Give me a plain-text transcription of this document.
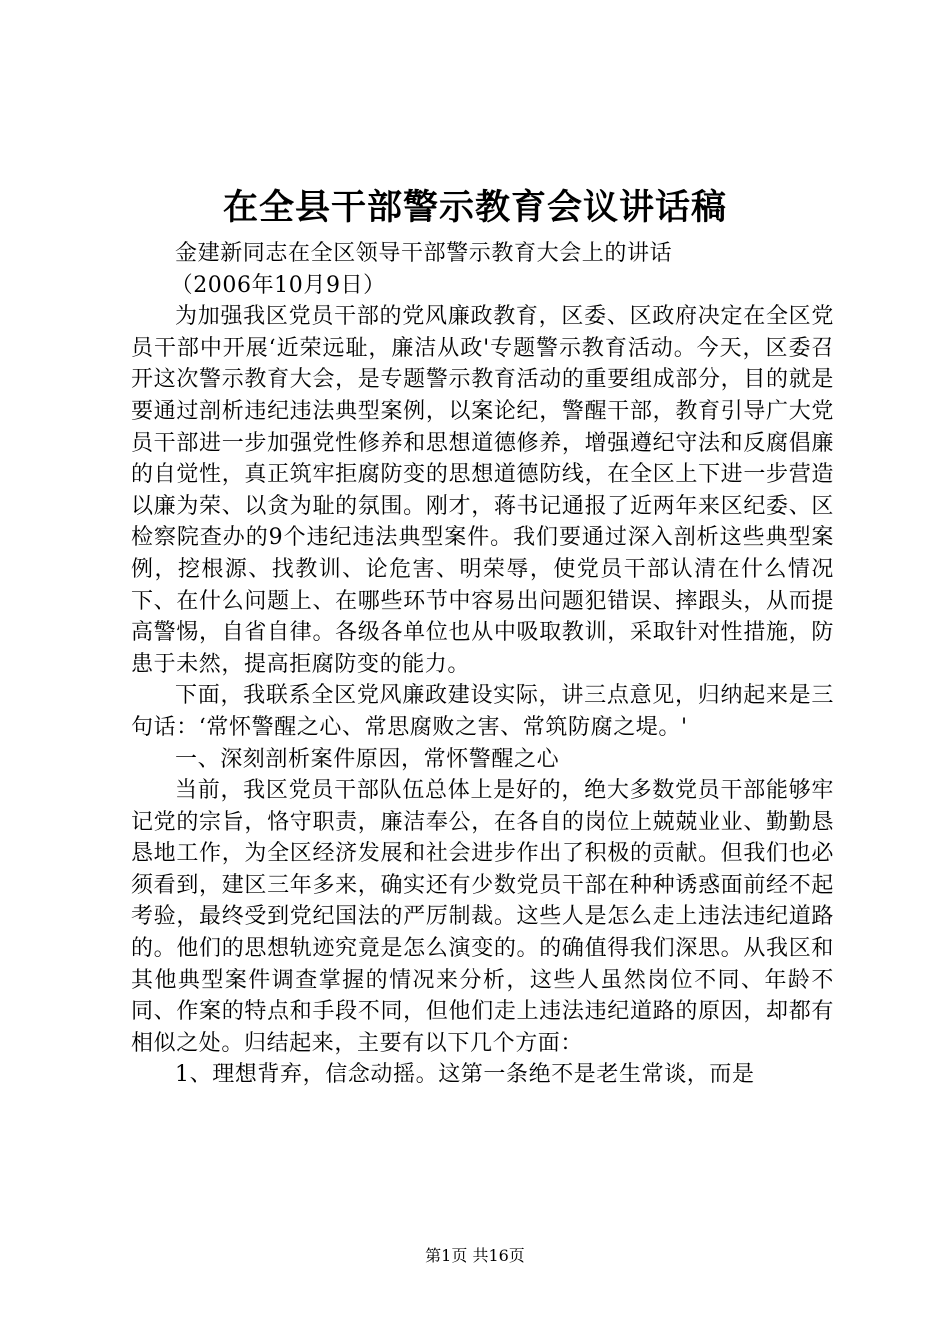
在全县干部警示教育会议讲话稿

金建新同志在全区领导干部警示教育大会上的讲话

（2006年10月9日）

为加强我区党员干部的党风廉政教育，区委、区政府决定在全区党员干部中开展‘近荣远耻，廉洁从政'专题警示教育活动。今天，区委召开这次警示教育大会，是专题警示教育活动的重要组成部分，目的就是要通过剖析违纪违法典型案例，以案论纪，警醒干部，教育引导广大党员干部进一步加强党性修养和思想道德修养，增强遵纪守法和反腐倡廉的自觉性，真正筑牢拒腐防变的思想道德防线，在全区上下进一步营造以廉为荣、以贪为耻的氛围。刚才，蒋书记通报了近两年来区纪委、区检察院查办的9个违纪违法典型案件。我们要通过深入剖析这些典型案例，挖根源、找教训、论危害、明荣辱，使党员干部认清在什么情况下、在什么问题上、在哪些环节中容易出问题犯错误、摔跟头，从而提高警惕，自省自律。各级各单位也从中吸取教训，采取针对性措施，防患于未然，提高拒腐防变的能力。

下面，我联系全区党风廉政建设实际，讲三点意见，归纳起来是三句话：‘常怀警醒之心、常思腐败之害、常筑防腐之堤。'

一、深刻剖析案件原因，常怀警醒之心

当前，我区党员干部队伍总体上是好的，绝大多数党员干部能够牢记党的宗旨，恪守职责，廉洁奉公，在各自的岗位上兢兢业业、勤勤恳恳地工作，为全区经济发展和社会进步作出了积极的贡献。但我们也必须看到，建区三年多来，确实还有少数党员干部在种种诱惑面前经不起考验，最终受到党纪国法的严厉制裁。这些人是怎么走上违法违纪道路的。他们的思想轨迹究竟是怎么演变的。的确值得我们深思。从我区和其他典型案件调查掌握的情况来分析，这些人虽然岗位不同、年龄不同、作案的特点和手段不同，但他们走上违法违纪道路的原因，却都有相似之处。归结起来，主要有以下几个方面：

1、理想背弃，信念动摇。这第一条绝不是老生常谈，而是

第1页 共16页
